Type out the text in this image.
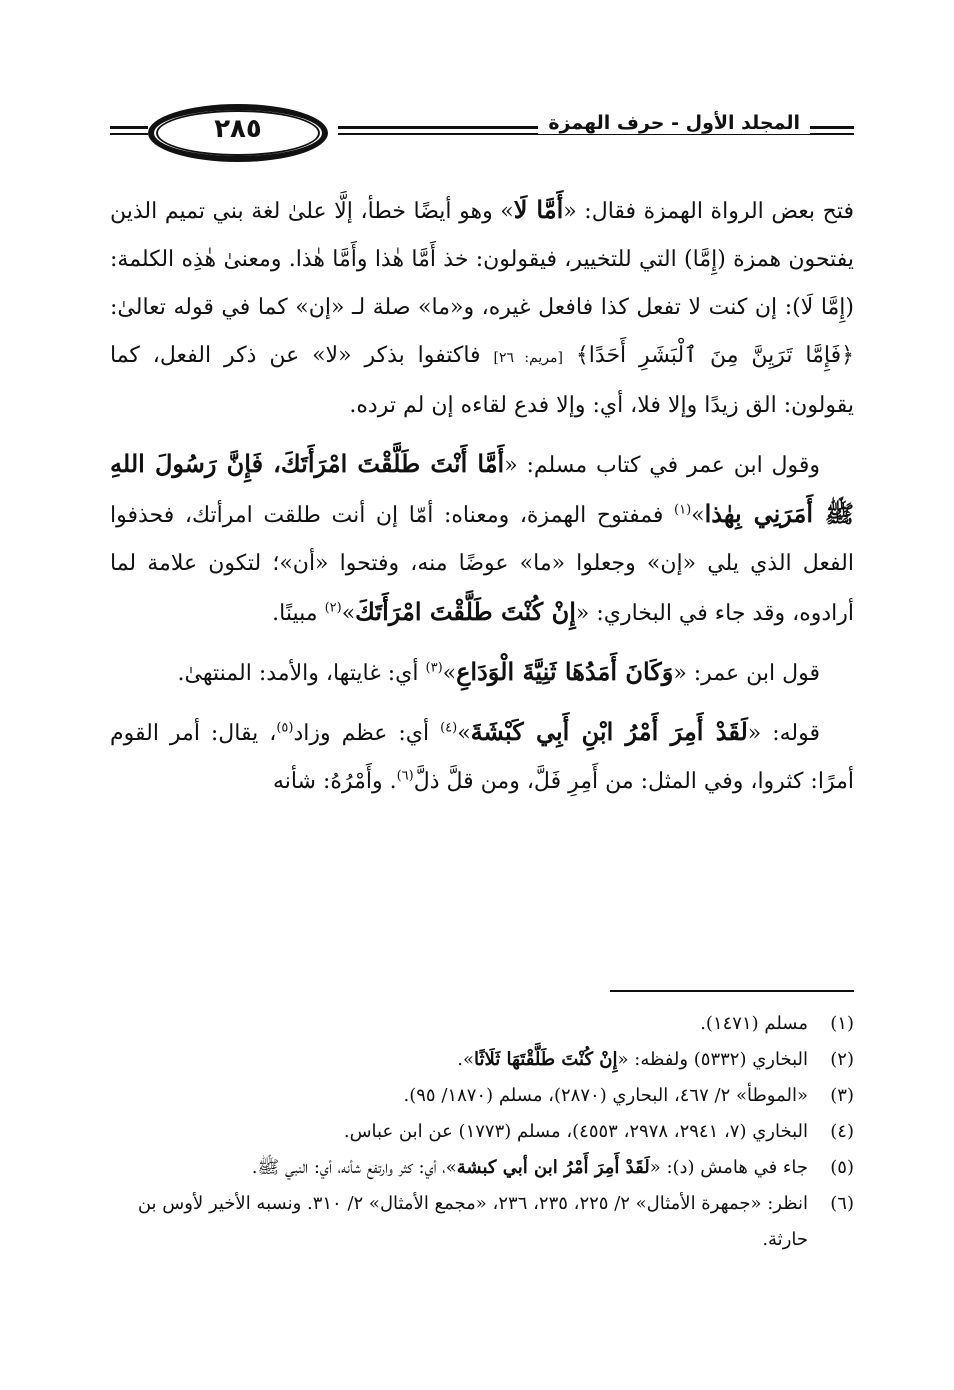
المجلد الأول - حرف الهمزة
٢٨٥

فتح بعض الرواة الهمزة فقال: «أَمَّا لَا» وهو أيضًا خطأ، إلَّا علىٰ لغة بني تميم الذين يفتحون همزة (إِمَّا) التي للتخيير، فيقولون: خذ أَمَّا هٰذا وأَمَّا هٰذا. ومعنىٰ هٰذِه الكلمة: (إِمَّا لَا): إن كنت لا تفعل كذا فافعل غيره، و«ما» صلة لـ «إن» كما في قوله تعالىٰ: ﴿فَإِمَّا تَرَيِنَّ مِنَ ٱلْبَشَرِ أَحَدًا﴾ [مريم: ٢٦] فاكتفوا بذكر «لا» عن ذكر الفعل، كما يقولون: الق زيدًا وإلا فلا، أي: وإلا فدع لقاءه إن لم ترده.

وقول ابن عمر في كتاب مسلم: «أَمَّا أَنْتَ طَلَّقْتَ امْرَأَتَكَ، فَإِنَّ رَسُولَ اللهِ ﷺ أَمَرَنِي بِهٰذا»$^{(١)}$ فمفتوح الهمزة، ومعناه: أمّا إن أنت طلقت امرأتك، فحذفوا الفعل الذي يلي «إن» وجعلوا «ما» عوضًا منه، وفتحوا «أن»؛ لتكون علامة لما أرادوه، وقد جاء في البخاري: «إِنْ كُنْتَ طَلَّقْتَ امْرَأَتَكَ»$^{(٢)}$ مبينًا.

قول ابن عمر: «وَكَانَ أَمَدُهَا ثَنِيَّةَ الْوَدَاعِ»$^{(٣)}$ أي: غايتها، والأمد: المنتهىٰ.

قوله: «لَقَدْ أَمِرَ أَمْرُ ابْنِ أَبِي كَبْشَةَ»$^{(٤)}$ أي: عظم وزاد$^{(٥)}$، يقال: أمر القوم أمرًا: كثروا، وفي المثل: من أَمِرِ فَلَّ، ومن قلَّ ذلَّ$^{(٦)}$. وأَمْرُهُ: شأنه

(١)
مسلم (١٤٧١).
(٢)
البخاري (٥٣٣٢) ولفظه: «إِنْ كُنْتَ طَلَّقْتَهَا ثَلَاثًا».
(٣)
«الموطأ» ٢/ ٤٦٧، البحاري (٢٨٧٠)، مسلم (١٨٧٠/ ٩٥).
(٤)
البخاري (٧، ٢٩٤١، ٢٩٧٨، ٤٥٥٣)، مسلم (١٧٧٣) عن ابن عباس.
(٥)
جاء في هامش (د): «لَقَدْ أَمِرَ أَمْرُ ابن أبي كبشة»، أي: كثر وارتفع شأنه، أي: النبي ﷺ.
(٦)
انظر: «جمهرة الأمثال» ٢/ ٢٢٥، ٢٣٥، ٢٣٦، «مجمع الأمثال» ٢/ ٣١٠. ونسبه الأخير لأوس بن حارثة.
